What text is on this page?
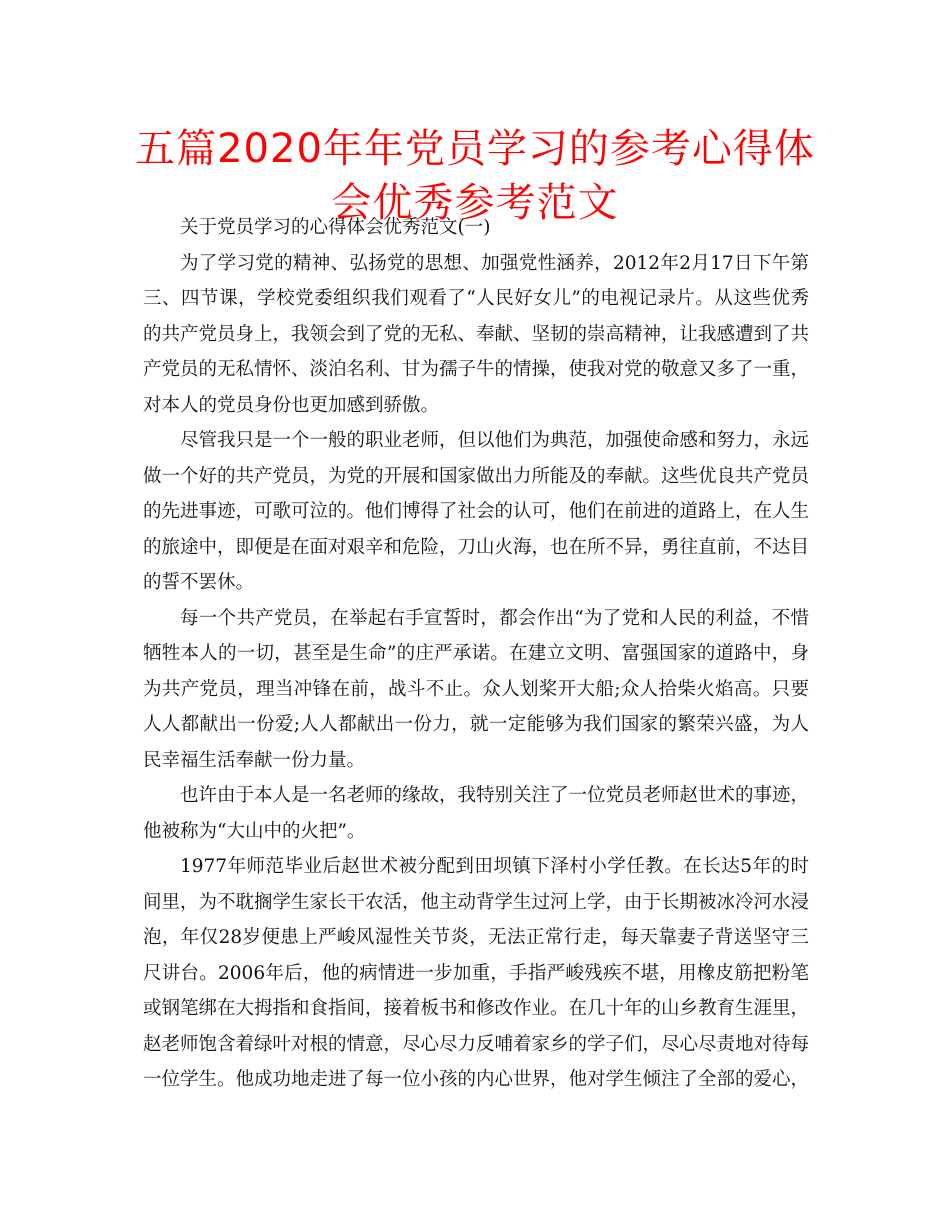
五篇2020年年党员学习的参考心得体会优秀参考范文

关于党员学习的心得体会优秀范文(一)

为了学习党的精神、弘扬党的思想、加强党性涵养，2012年2月17日下午第三、四节课，学校党委组织我们观看了“人民好女儿”的电视记录片。从这些优秀的共产党员身上，我领会到了党的无私、奉献、坚韧的崇高精神，让我感遭到了共产党员的无私情怀、淡泊名利、甘为孺子牛的情操，使我对党的敬意又多了一重，对本人的党员身份也更加感到骄傲。

尽管我只是一个一般的职业老师，但以他们为典范，加强使命感和努力，永远做一个好的共产党员，为党的开展和国家做出力所能及的奉献。这些优良共产党员的先进事迹，可歌可泣的。他们博得了社会的认可，他们在前进的道路上，在人生的旅途中，即便是在面对艰辛和危险，刀山火海，也在所不异，勇往直前，不达目的誓不罢休。

每一个共产党员，在举起右手宣誓时，都会作出“为了党和人民的利益，不惜牺牲本人的一切，甚至是生命”的庄严承诺。在建立文明、富强国家的道路中，身为共产党员，理当冲锋在前，战斗不止。众人划桨开大船;众人拾柴火焰高。只要人人都献出一份爱;人人都献出一份力，就一定能够为我们国家的繁荣兴盛，为人民幸福生活奉献一份力量。

也许由于本人是一名老师的缘故，我特别关注了一位党员老师赵世术的事迹，他被称为“大山中的火把”。

1977年师范毕业后赵世术被分配到田坝镇下泽村小学任教。在长达5年的时间里，为不耽搁学生家长干农活，他主动背学生过河上学，由于长期被冰冷河水浸泡，年仅28岁便患上严峻风湿性关节炎，无法正常行走，每天靠妻子背送坚守三尺讲台。2006年后，他的病情进一步加重，手指严峻残疾不堪，用橡皮筋把粉笔或钢笔绑在大拇指和食指间，接着板书和修改作业。在几十年的山乡教育生涯里，赵老师饱含着绿叶对根的情意，尽心尽力反哺着家乡的学子们，尽心尽责地对待每一位学生。他成功地走进了每一位小孩的内心世界，他对学生倾注了全部的爱心，
